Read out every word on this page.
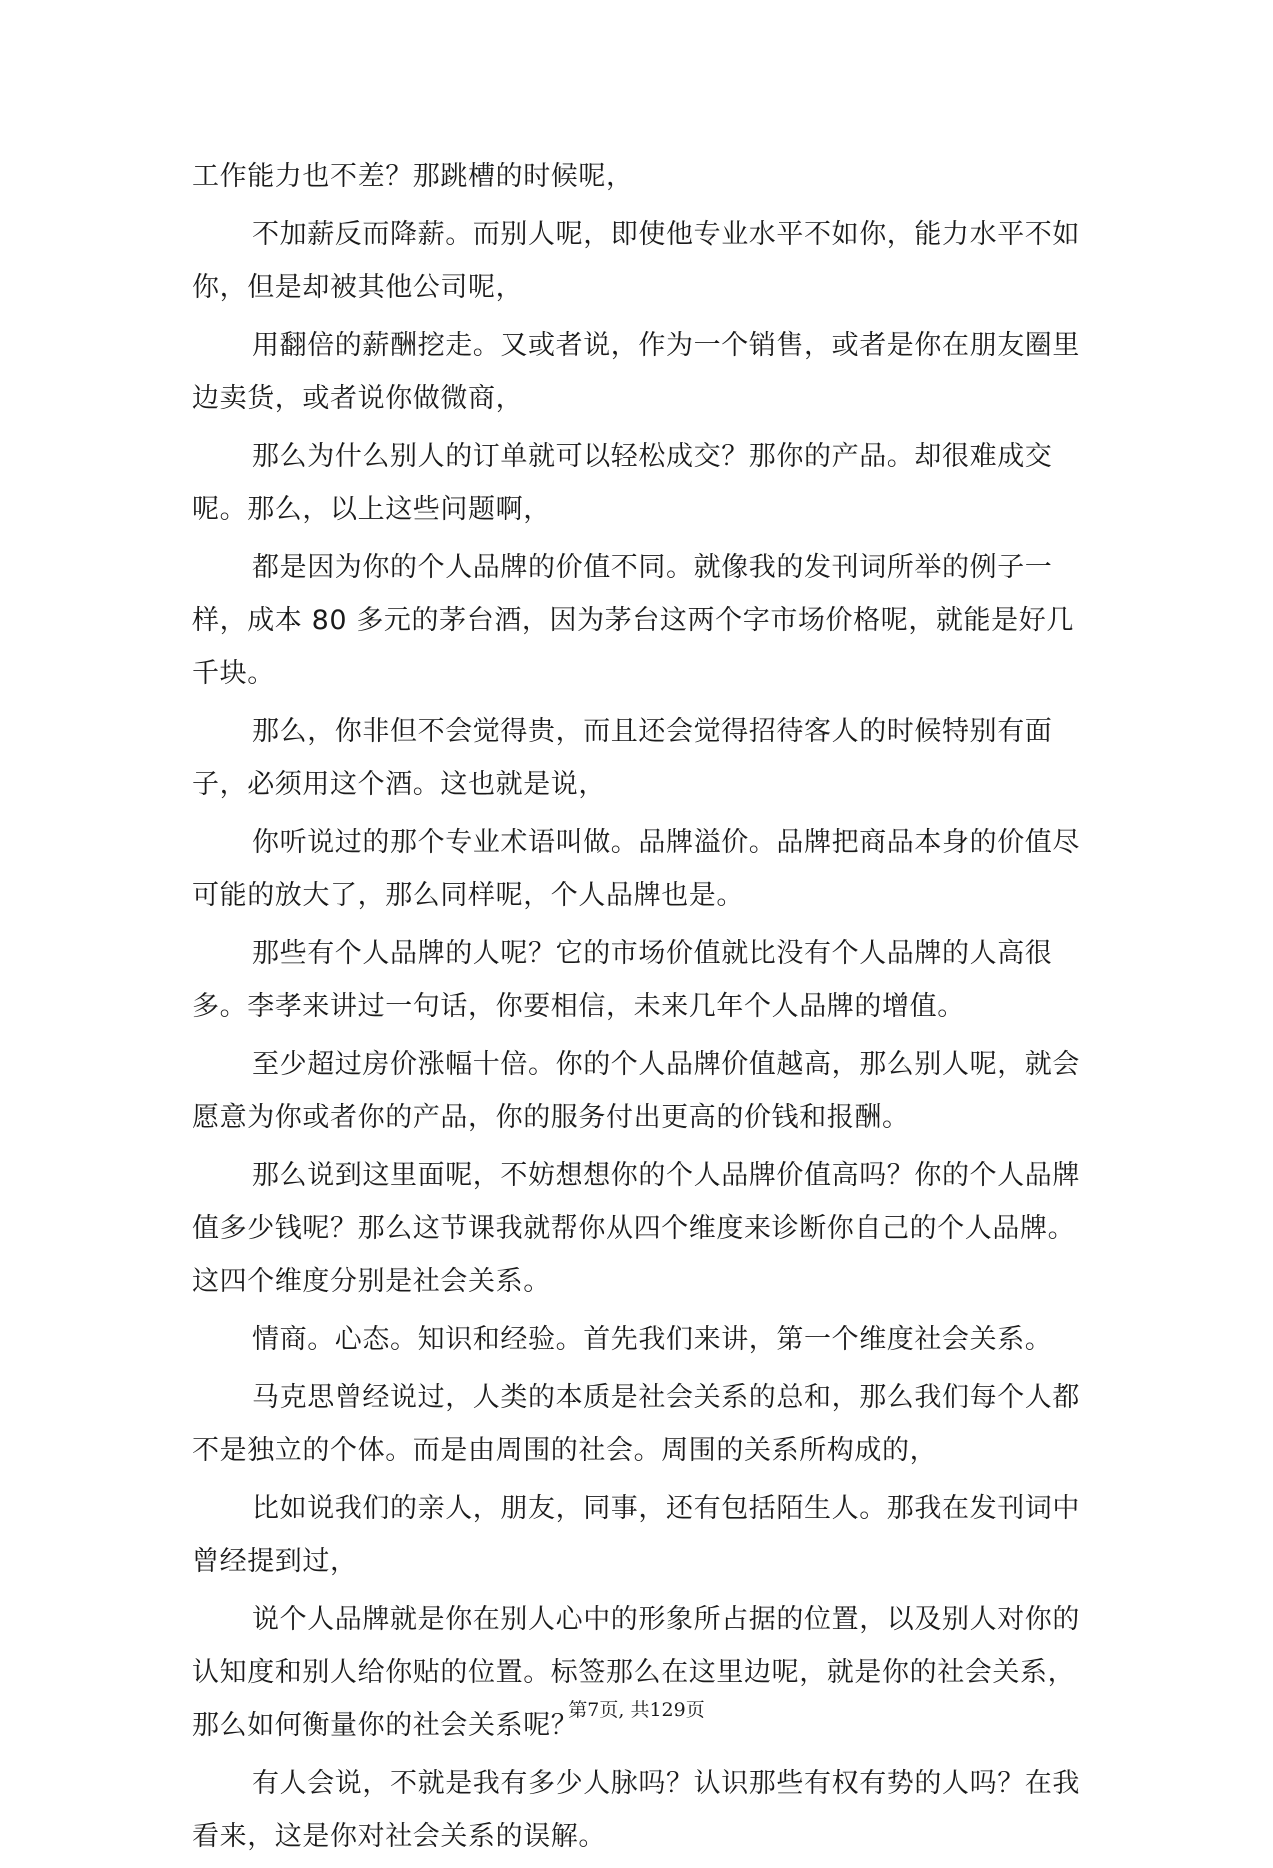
工作能力也不差？那跳槽的时候呢，

不加薪反而降薪。而别人呢，即使他专业水平不如你，能力水平不如你，但是却被其他公司呢，

用翻倍的薪酬挖走。又或者说，作为一个销售，或者是你在朋友圈里边卖货，或者说你做微商，

那么为什么别人的订单就可以轻松成交？那你的产品。却很难成交呢。那么，以上这些问题啊，

都是因为你的个人品牌的价值不同。就像我的发刊词所举的例子一样，成本 80 多元的茅台酒，因为茅台这两个字市场价格呢，就能是好几千块。

那么，你非但不会觉得贵，而且还会觉得招待客人的时候特别有面子，必须用这个酒。这也就是说，

你听说过的那个专业术语叫做。品牌溢价。品牌把商品本身的价值尽可能的放大了，那么同样呢，个人品牌也是。

那些有个人品牌的人呢？它的市场价值就比没有个人品牌的人高很多。李孝来讲过一句话，你要相信，未来几年个人品牌的增值。

至少超过房价涨幅十倍。你的个人品牌价值越高，那么别人呢，就会愿意为你或者你的产品，你的服务付出更高的价钱和报酬。

那么说到这里面呢，不妨想想你的个人品牌价值高吗？你的个人品牌值多少钱呢？那么这节课我就帮你从四个维度来诊断你自己的个人品牌。这四个维度分别是社会关系。

情商。心态。知识和经验。首先我们来讲，第一个维度社会关系。

马克思曾经说过，人类的本质是社会关系的总和，那么我们每个人都不是独立的个体。而是由周围的社会。周围的关系所构成的，

比如说我们的亲人，朋友，同事，还有包括陌生人。那我在发刊词中曾经提到过，

说个人品牌就是你在别人心中的形象所占据的位置，以及别人对你的认知度和别人给你贴的位置。标签那么在这里边呢，就是你的社会关系，那么如何衡量你的社会关系呢？

有人会说，不就是我有多少人脉吗？认识那些有权有势的人吗？在我看来，这是你对社会关系的误解。

第7页, 共129页
